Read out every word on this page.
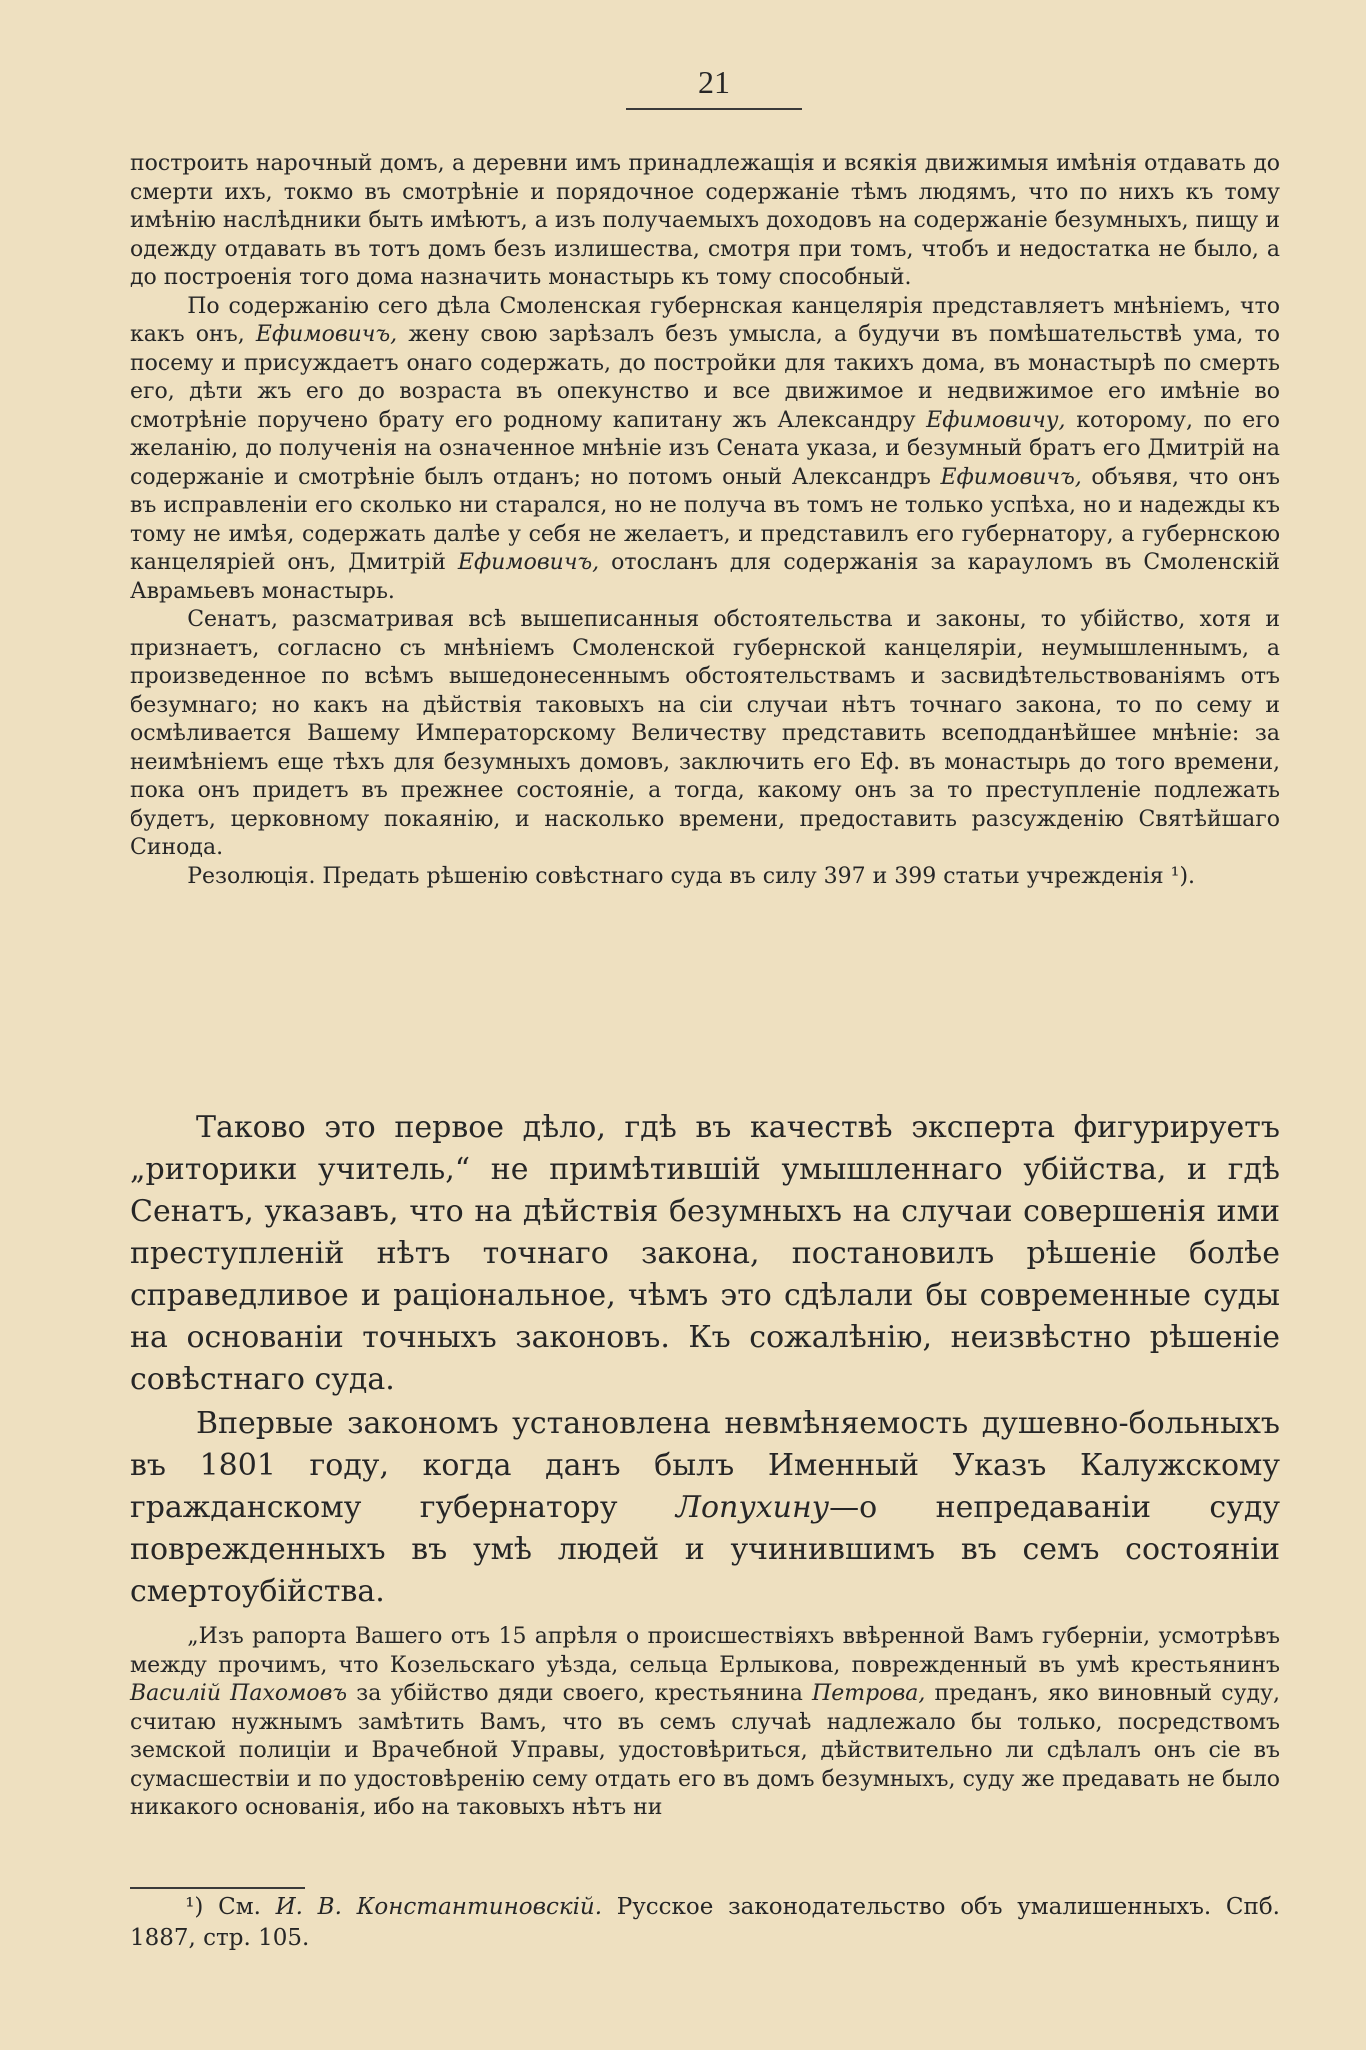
21

построить нарочный домъ, а деревни имъ принадлежащія и всякія движимыя имѣнія отдавать до смерти ихъ, токмо въ смотрѣніе и порядочное содержаніе тѣмъ людямъ, что по нихъ къ тому имѣнію наслѣдники быть имѣютъ, а изъ получаемыхъ доходовъ на содержаніе безумныхъ, пищу и одежду отдавать въ тотъ домъ безъ излишества, смотря при томъ, чтобъ и недостатка не было, а до построенія того дома назначить монастырь къ тому способный.

По содержанію сего дѣла Смоленская губернская канцелярія представляетъ мнѣніемъ, что какъ онъ, Ефимовичъ, жену свою зарѣзалъ безъ умысла, а будучи въ помѣшательствѣ ума, то посему и присуждаетъ онаго содержать, до постройки для такихъ дома, въ монастырѣ по смерть его, дѣти жъ его до возраста въ опекунство и все движимое и недвижимое его имѣніе во смотрѣніе поручено брату его родному капитану жъ Александру Ефимовичу, которому, по его желанію, до полученія на означенное мнѣніе изъ Сената указа, и безумный братъ его Дмитрій на содержаніе и смотрѣніе былъ отданъ; но потомъ оный Александръ Ефимовичъ, объявя, что онъ въ исправленіи его сколько ни старался, но не получа въ томъ не только успѣха, но и надежды къ тому не имѣя, содержать далѣе у себя не желаетъ, и представилъ его губернатору, а губернскою канцеляріей онъ, Дмитрій Ефимовичъ, отосланъ для содержанія за карауломъ въ Смоленскій Аврамьевъ монастырь.

Сенатъ, разсматривая всѣ вышеписанныя обстоятельства и законы, то убійство, хотя и признаетъ, согласно съ мнѣніемъ Смоленской губернской канцеляріи, неумышленнымъ, а произведенное по всѣмъ вышедонесеннымъ обстоятельствамъ и засвидѣтельствованіямъ отъ безумнаго; но какъ на дѣйствія таковыхъ на сіи случаи нѣтъ точнаго закона, то по сему и осмѣливается Вашему Императорскому Величеству представить всеподданѣйшее мнѣніе: за неимѣніемъ еще тѣхъ для безумныхъ домовъ, заключить его Еф. въ монастырь до того времени, пока онъ придетъ въ прежнее состояніе, а тогда, какому онъ за то преступленіе подлежать будетъ, церковному покаянію, и насколько времени, предоставить разсужденію Святѣйшаго Синода.

Резолюція. Предать рѣшенію совѣстнаго суда въ силу 397 и 399 статьи учрежденія ¹).

Таково это первое дѣло, гдѣ въ качествѣ эксперта фигурируетъ „риторики учитель,“ не примѣтившій умышленнаго убійства, и гдѣ Сенатъ, указавъ, что на дѣйствія безумныхъ на случаи совершенія ими преступленій нѣтъ точнаго закона, постановилъ рѣшеніе болѣе справедливое и раціональное, чѣмъ это сдѣлали бы современные суды на основаніи точныхъ законовъ. Къ сожалѣнію, неизвѣстно рѣшеніе совѣстнаго суда.

Впервые закономъ установлена невмѣняемость душевно-больныхъ въ 1801 году, когда данъ былъ Именный Указъ Калужскому гражданскому губернатору Лопухину—о непредаваніи суду поврежденныхъ въ умѣ людей и учинившимъ въ семъ состояніи смертоубійства.

„Изъ рапорта Вашего отъ 15 апрѣля о происшествіяхъ ввѣренной Вамъ губерніи, усмотрѣвъ между прочимъ, что Козельскаго уѣзда, сельца Ерлыкова, поврежденный въ умѣ крестьянинъ Василій Пахомовъ за убійство дяди своего, крестьянина Петрова, преданъ, яко виновный суду, считаю нужнымъ замѣтить Вамъ, что въ семъ случаѣ надлежало бы только, посредствомъ земской полиціи и Врачебной Управы, удостовѣриться, дѣйствительно ли сдѣлалъ онъ сіе въ сумасшествіи и по удостовѣренію сему отдать его въ домъ безумныхъ, суду же предавать не было никакого основанія, ибо на таковыхъ нѣтъ ни

¹) См. И. В. Константиновскій. Русское законодательство объ умалишенныхъ. Спб. 1887, стр. 105.
